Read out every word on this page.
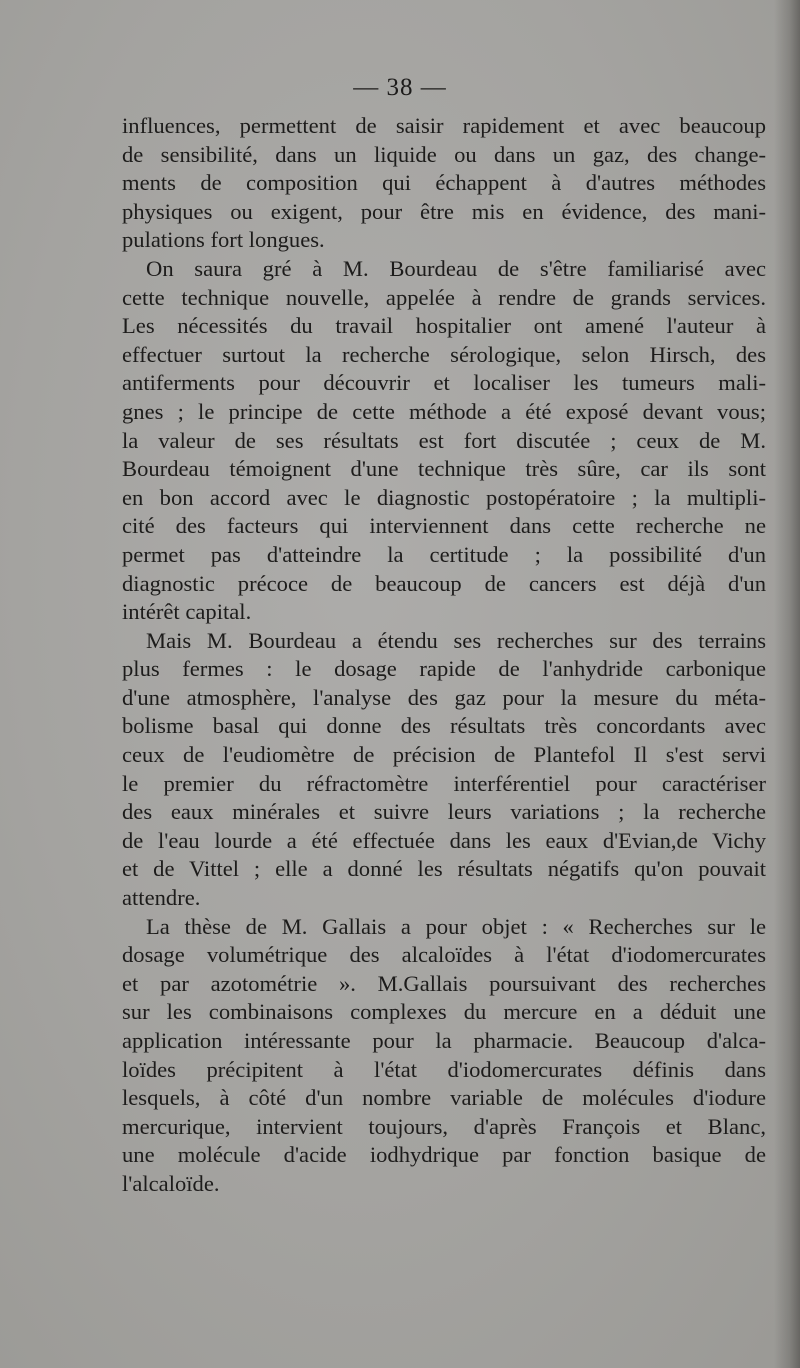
— 38 —
influences, permettent de saisir rapidement et avec beaucoup
de sensibilité, dans un liquide ou dans un gaz, des change-
ments de composition qui échappent à d'autres méthodes
physiques ou exigent, pour être mis en évidence, des mani-
pulations fort longues.
On saura gré à M. Bourdeau de s'être familiarisé avec
cette technique nouvelle, appelée à rendre de grands services.
Les nécessités du travail hospitalier ont amené l'auteur à
effectuer surtout la recherche sérologique, selon Hirsch, des
antiferments pour découvrir et localiser les tumeurs mali-
gnes ; le principe de cette méthode a été exposé devant vous;
la valeur de ses résultats est fort discutée ; ceux de M.
Bourdeau témoignent d'une technique très sûre, car ils sont
en bon accord avec le diagnostic postopératoire ; la multipli-
cité des facteurs qui interviennent dans cette recherche ne
permet pas d'atteindre la certitude ; la possibilité d'un
diagnostic précoce de beaucoup de cancers est déjà d'un
intérêt capital.
Mais M. Bourdeau a étendu ses recherches sur des terrains
plus fermes : le dosage rapide de l'anhydride carbonique
d'une atmosphère, l'analyse des gaz pour la mesure du méta-
bolisme basal qui donne des résultats très concordants avec
ceux de l'eudiomètre de précision de Plantefol Il s'est servi
le premier du réfractomètre interférentiel pour caractériser
des eaux minérales et suivre leurs variations ; la recherche
de l'eau lourde a été effectuée dans les eaux d'Evian,de Vichy
et de Vittel ; elle a donné les résultats négatifs qu'on pouvait
attendre.
La thèse de M. Gallais a pour objet : « Recherches sur le
dosage volumétrique des alcaloïdes à l'état d'iodomercurates
et par azotométrie ». M.Gallais poursuivant des recherches
sur les combinaisons complexes du mercure en a déduit une
application intéressante pour la pharmacie. Beaucoup d'alca-
loïdes précipitent à l'état d'iodomercurates définis dans
lesquels, à côté d'un nombre variable de molécules d'iodure
mercurique, intervient toujours, d'après François et Blanc,
une molécule d'acide iodhydrique par fonction basique de
l'alcaloïde.
